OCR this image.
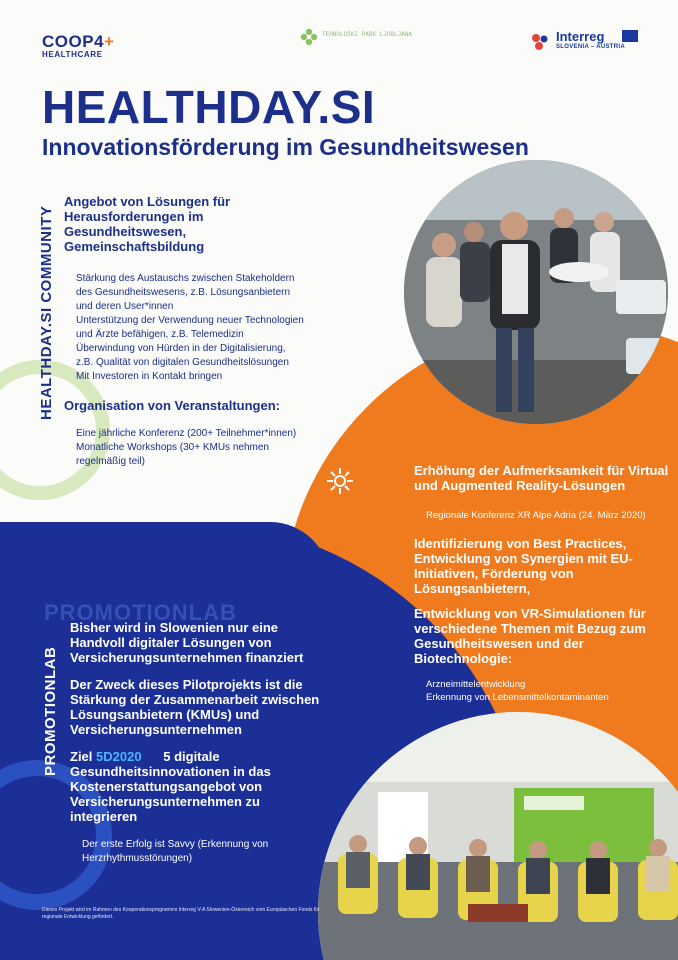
COOP4+
HEALTHCARE
TEHNOLOŠKI PARK LJUBLJANA	Interreg
SLOVENIA – AUSTRIA
HEALTHDAY.SI
Innovationsförderung im Gesundheitswesen
HEALTHDAY.SI COMMUNITY
Angebot von Lösungen für Herausforderungen im Gesundheitswesen, Gemeinschaftsbildung
Stärkung des Austauschs zwischen Stakeholdern des Gesundheitswesens, z.B. Lösungsanbietern und deren User*innen
Unterstützung der Verwendung neuer Technologien und Ärzte befähigen, z.B. Telemedizin
Überwindung von Hürden in der Digitalisierung, z.B. Qualität von digitalen Gesundheitslösungen
Mit Investoren in Kontakt bringen
Organisation von Veranstaltungen:
Eine jährliche Konferenz (200+ Teilnehmer*innen)
Monatliche Workshops (30+ KMUs nehmen regelmäßig teil)
Erhöhung der Aufmerksamkeit für Virtual und Augmented Reality-Lösungen
Regionale Konferenz XR Alpe Adria (24. März 2020)
Identifizierung von Best Practices, Entwicklung von Synergien mit EU-Initiativen, Förderung von Lösungsanbietern,
Entwicklung von VR-Simulationen für verschiedene Themen mit Bezug zum Gesundheitswesen und der Biotechnologie:
Arzneimittelentwicklung
Erkennung von Lebensmittelkontaminanten
PROMOTIONLAB
PROMOTIONLAB
Bisher wird in Slowenien nur eine Handvoll digitaler Lösungen von Versicherungsunternehmen finanziert
Der Zweck dieses Pilotprojekts ist die Stärkung der Zusammenarbeit zwischen Lösungsanbietern (KMUs) und Versicherungsunternehmen
Ziel 5D2020      5 digitale Gesundheitsinnovationen in das Kostenerstattungsangebot von Versicherungsunternehmen zu integrieren
Der erste Erfolg ist Savvy (Erkennung von Herzrhythmusstörungen)
Dieses Projekt wird im Rahmen des Kooperationsprogramms Interreg V-A Slowenien-Österreich vom Europäischen Fonds für regionale Entwicklung gefördert.
